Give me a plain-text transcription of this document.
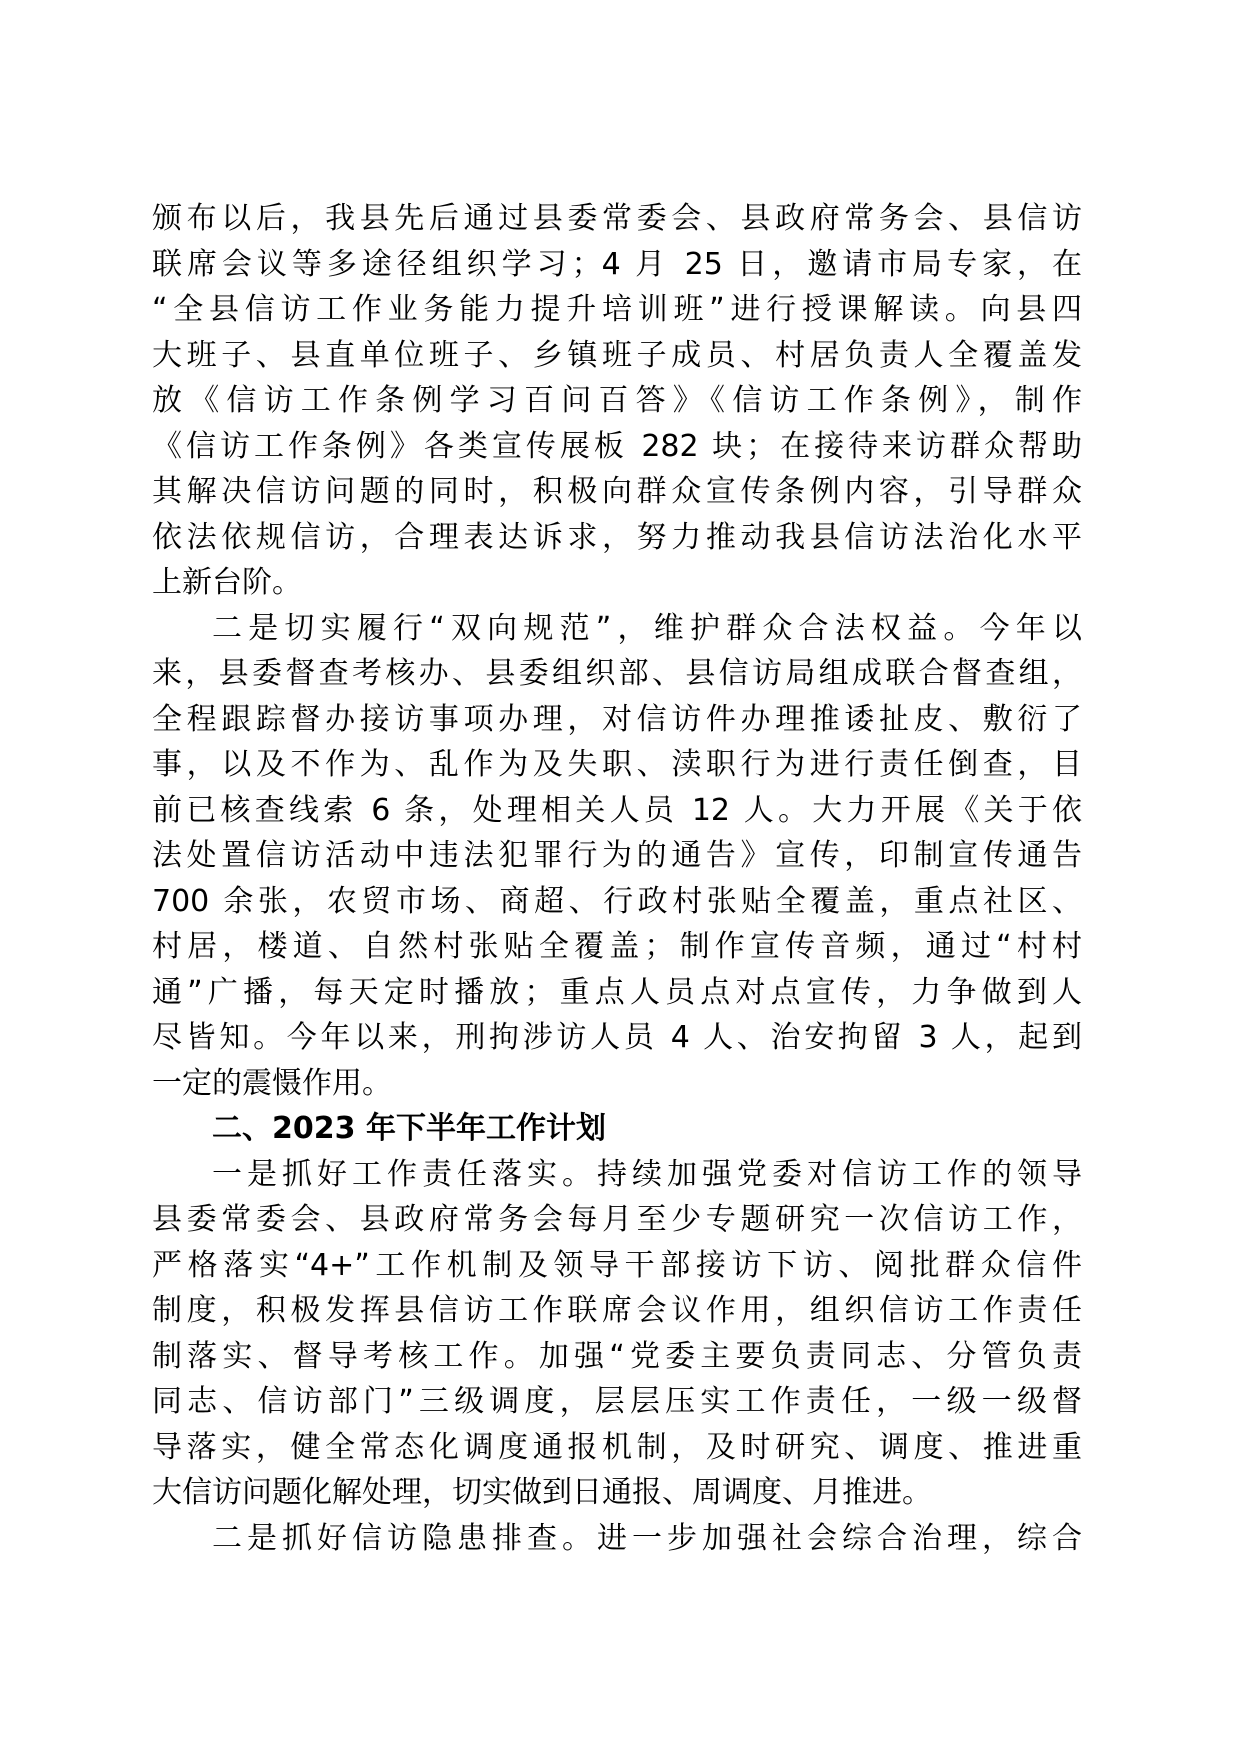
颁布以后，我县先后通过县委常委会、县政府常务会、县信访
联席会议等多途径组织学习；4 月 25 日，邀请市局专家，在
“全县信访工作业务能力提升培训班”进行授课解读。向县四
大班子、县直单位班子、乡镇班子成员、村居负责人全覆盖发
放《信访工作条例学习百问百答》《信访工作条例》，制作
《信访工作条例》各类宣传展板 282 块；在接待来访群众帮助
其解决信访问题的同时，积极向群众宣传条例内容，引导群众
依法依规信访，合理表达诉求，努力推动我县信访法治化水平
上新台阶。
二是切实履行“双向规范”，维护群众合法权益。今年以
来，县委督查考核办、县委组织部、县信访局组成联合督查组，
全程跟踪督办接访事项办理，对信访件办理推诿扯皮、敷衍了
事，以及不作为、乱作为及失职、渎职行为进行责任倒查，目
前已核查线索 6 条，处理相关人员 12 人。大力开展《关于依
法处置信访活动中违法犯罪行为的通告》宣传，印制宣传通告
700 余张，农贸市场、商超、行政村张贴全覆盖，重点社区、
村居，楼道、自然村张贴全覆盖；制作宣传音频，通过“村村
通”广播，每天定时播放；重点人员点对点宣传，力争做到人
尽皆知。今年以来，刑拘涉访人员 4 人、治安拘留 3 人，起到
一定的震慑作用。
二、2023 年下半年工作计划
一是抓好工作责任落实。持续加强党委对信访工作的领导
县委常委会、县政府常务会每月至少专题研究一次信访工作，
严格落实“4+”工作机制及领导干部接访下访、阅批群众信件
制度，积极发挥县信访工作联席会议作用，组织信访工作责任
制落实、督导考核工作。加强“党委主要负责同志、分管负责
同志、信访部门”三级调度，层层压实工作责任，一级一级督
导落实，健全常态化调度通报机制，及时研究、调度、推进重
大信访问题化解处理，切实做到日通报、周调度、月推进。
二是抓好信访隐患排查。进一步加强社会综合治理，综合
